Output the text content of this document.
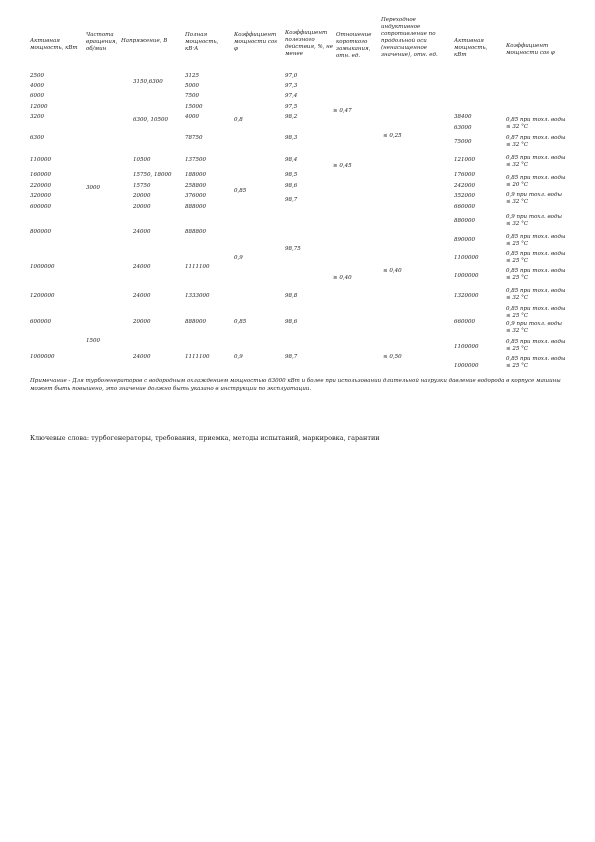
Активная мощность, кВт
Частота вращения, об/мин
Напряжение, В
Полная мощность, кВ·А
Коэффициент мощности cos φ
Коэффициент полезного действия, %, не менее
Отношение короткого замыкания, отн. ед.
Переходное индуктивное сопротивление по продольной оси (ненасыщенное значение), отн. ед.
Активная мощность, кВт
Коэффициент мощности cos φ
2500
4000
6000
12000
3200
6300
110000
160000
220000
320000
600000
800000
1000000
1200000
600000
1000000
3000
1500
3150,6300
6300, 10500
10500
15750, 18000
15750
20000
20000
24000
24000
24000
20000
24000
3125
5000
7500
15000
4000
78750
137500
188000
258800
376000
888000
888800
1111100
1333000
888000
1111100
0,8
0,85
0,9
0,85
0,9
97,0
97,3
97,4
97,5
98,2
98,3
98,4
98,5
98,6
98,7
98,75
98,8
98,6
98,7
≥ 0,47
≥ 0,45
≥ 0,40
≤ 0,25
≤ 0,40
≤ 0,50
38400
63000
75000
121000
176000
242000
352000
660000
880000
890000
1100000
1000000
1320000
660000
1100000
1000000
0,85 при тохл. воды ≤ 32 °С
0,87 при тохл. воды ≤ 32 °С
0,85 при тохл. воды ≤ 32 °С
0,85 при тохл. воды ≤ 20 °С
0,9 при тохл. воды ≤ 32 °С
0,9 при тохл. воды ≤ 32 °С
0,85 при тохл. воды ≤ 25 °С
0,85 при тохл. воды ≤ 25 °С
0,85 при тохл. воды ≤ 25 °С
0,85 при тохл. воды ≤ 32 °С
0,85 при тохл. воды ≤ 25 °С
0,9 при тохл. воды ≤ 32 °С
0,85 при тохл. воды ≤ 25 °С
0,85 при тохл. воды ≤ 25 °С
Примечание - Для турбогенераторов с водородным охлаждением мощностью 63000 кВт и более при использовании длительной нагрузки давление водорода в корпусе машины может быть повышено, это значение должно быть указано в инструкции по эксплуатации.
Ключевые слова: турбогенераторы, требования, приемка, методы испытаний, маркировка, гарантии
